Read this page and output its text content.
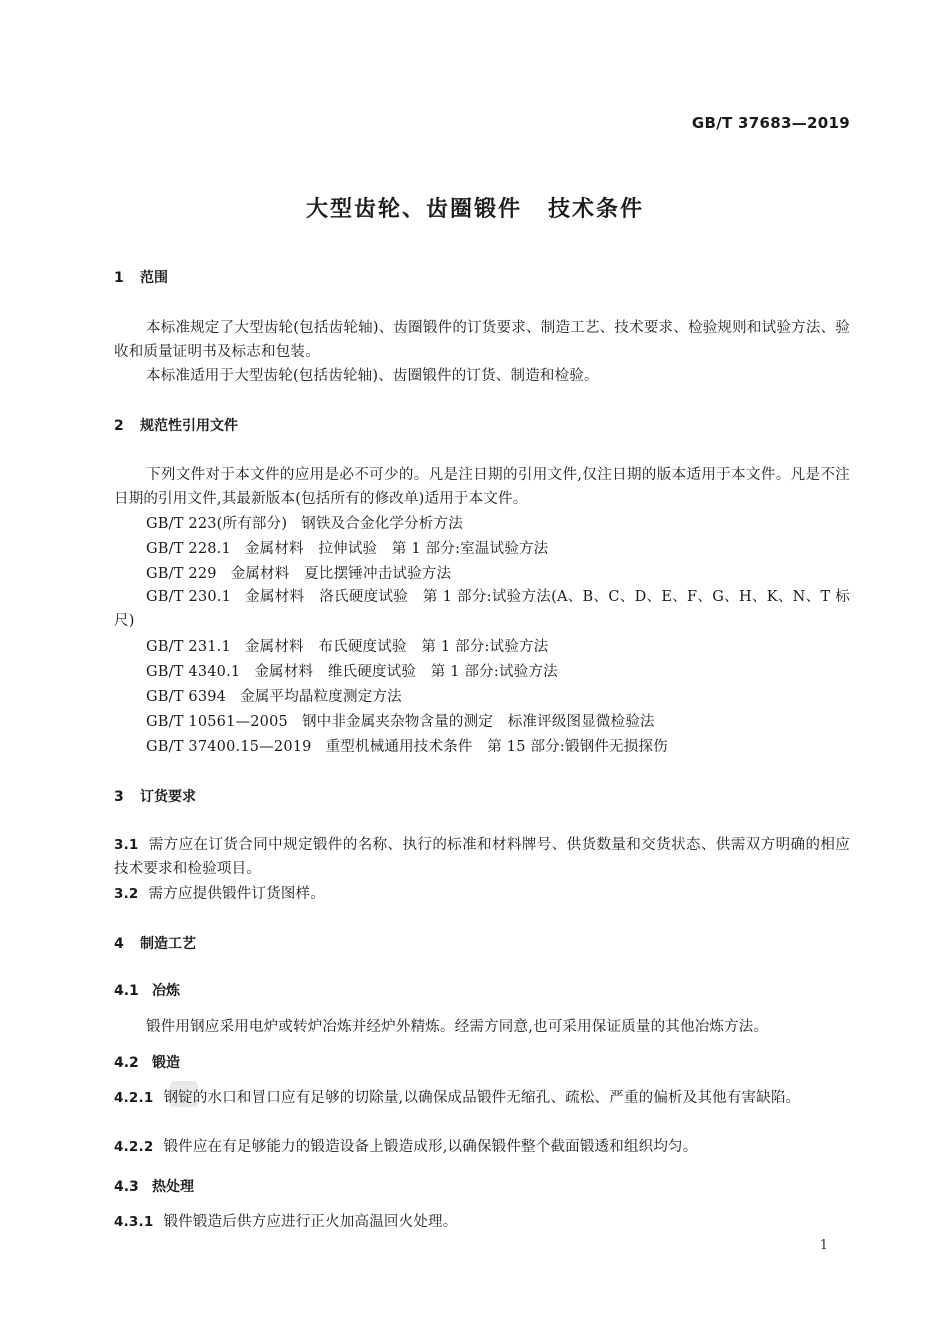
GB/T 37683—2019
大型齿轮、齿圈锻件 技术条件
1 范围
本标准规定了大型齿轮(包括齿轮轴)、齿圈锻件的订货要求、制造工艺、技术要求、检验规则和试验方法、验收和质量证明书及标志和包装。
本标准适用于大型齿轮(包括齿轮轴)、齿圈锻件的订货、制造和检验。
2 规范性引用文件
下列文件对于本文件的应用是必不可少的。凡是注日期的引用文件,仅注日期的版本适用于本文件。凡是不注日期的引用文件,其最新版本(包括所有的修改单)适用于本文件。
GB/T 223(所有部分) 钢铁及合金化学分析方法
GB/T 228.1 金属材料　拉伸试验　第 1 部分:室温试验方法
GB/T 229 金属材料　夏比摆锤冲击试验方法
GB/T 230.1 金属材料　洛氏硬度试验　第 1 部分:试验方法(A、B、C、D、E、F、G、H、K、N、T 标尺)
GB/T 231.1 金属材料　布氏硬度试验　第 1 部分:试验方法
GB/T 4340.1 金属材料　维氏硬度试验　第 1 部分:试验方法
GB/T 6394 金属平均晶粒度测定方法
GB/T 10561—2005 钢中非金属夹杂物含量的测定　标准评级图显微检验法
GB/T 37400.15—2019 重型机械通用技术条件　第 15 部分:锻钢件无损探伤
3 订货要求
3.1 需方应在订货合同中规定锻件的名称、执行的标准和材料牌号、供货数量和交货状态、供需双方明确的相应技术要求和检验项目。
3.2 需方应提供锻件订货图样。
4 制造工艺
4.1 冶炼
锻件用钢应采用电炉或转炉冶炼并经炉外精炼。经需方同意,也可采用保证质量的其他冶炼方法。
4.2 锻造
4.2.1 钢锭的水口和冒口应有足够的切除量,以确保成品锻件无缩孔、疏松、严重的偏析及其他有害缺陷。
4.2.2 锻件应在有足够能力的锻造设备上锻造成形,以确保锻件整个截面锻透和组织均匀。
4.3 热处理
4.3.1 锻件锻造后供方应进行正火加高温回火处理。
1
